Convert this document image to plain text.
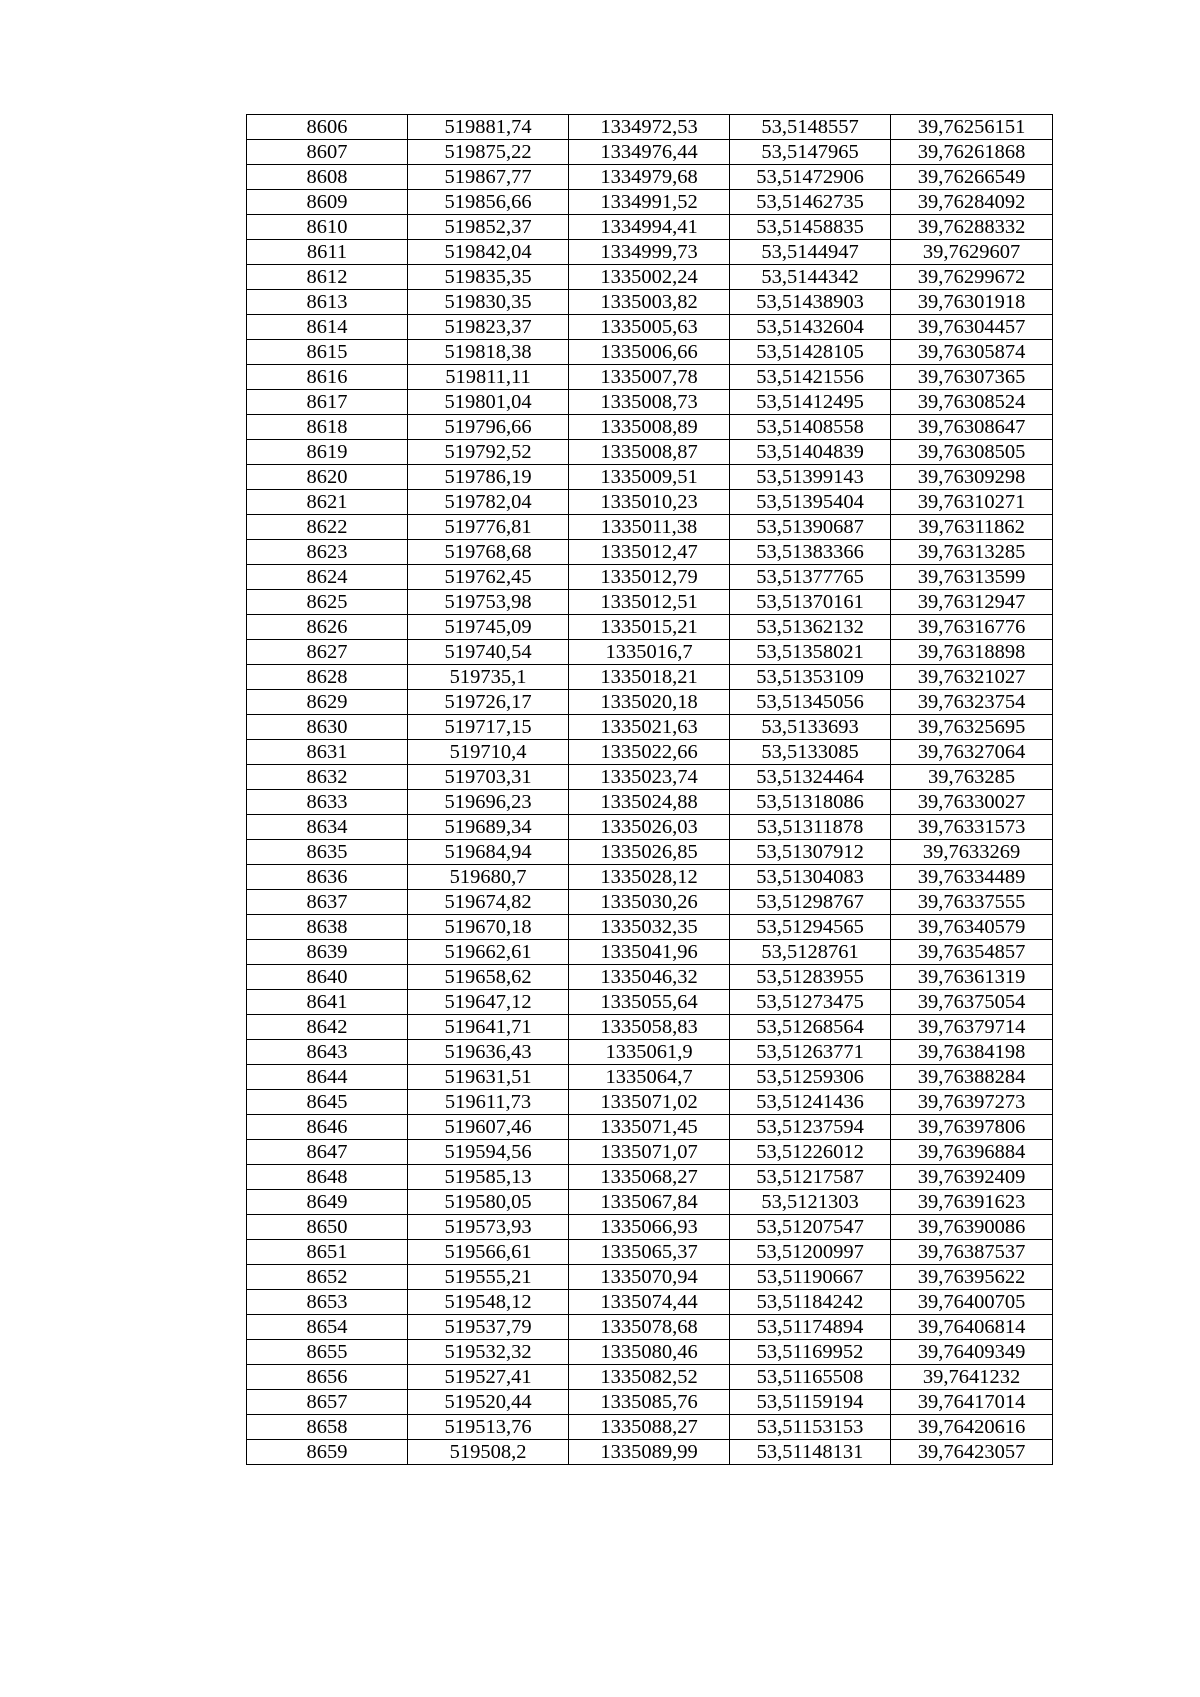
8606	519881,74	1334972,53	53,5148557	39,76256151
8607	519875,22	1334976,44	53,5147965	39,76261868
8608	519867,77	1334979,68	53,51472906	39,76266549
8609	519856,66	1334991,52	53,51462735	39,76284092
8610	519852,37	1334994,41	53,51458835	39,76288332
8611	519842,04	1334999,73	53,5144947	39,7629607
8612	519835,35	1335002,24	53,5144342	39,76299672
8613	519830,35	1335003,82	53,51438903	39,76301918
8614	519823,37	1335005,63	53,51432604	39,76304457
8615	519818,38	1335006,66	53,51428105	39,76305874
8616	519811,11	1335007,78	53,51421556	39,76307365
8617	519801,04	1335008,73	53,51412495	39,76308524
8618	519796,66	1335008,89	53,51408558	39,76308647
8619	519792,52	1335008,87	53,51404839	39,76308505
8620	519786,19	1335009,51	53,51399143	39,76309298
8621	519782,04	1335010,23	53,51395404	39,76310271
8622	519776,81	1335011,38	53,51390687	39,76311862
8623	519768,68	1335012,47	53,51383366	39,76313285
8624	519762,45	1335012,79	53,51377765	39,76313599
8625	519753,98	1335012,51	53,51370161	39,76312947
8626	519745,09	1335015,21	53,51362132	39,76316776
8627	519740,54	1335016,7	53,51358021	39,76318898
8628	519735,1	1335018,21	53,51353109	39,76321027
8629	519726,17	1335020,18	53,51345056	39,76323754
8630	519717,15	1335021,63	53,5133693	39,76325695
8631	519710,4	1335022,66	53,5133085	39,76327064
8632	519703,31	1335023,74	53,51324464	39,763285
8633	519696,23	1335024,88	53,51318086	39,76330027
8634	519689,34	1335026,03	53,51311878	39,76331573
8635	519684,94	1335026,85	53,51307912	39,7633269
8636	519680,7	1335028,12	53,51304083	39,76334489
8637	519674,82	1335030,26	53,51298767	39,76337555
8638	519670,18	1335032,35	53,51294565	39,76340579
8639	519662,61	1335041,96	53,5128761	39,76354857
8640	519658,62	1335046,32	53,51283955	39,76361319
8641	519647,12	1335055,64	53,51273475	39,76375054
8642	519641,71	1335058,83	53,51268564	39,76379714
8643	519636,43	1335061,9	53,51263771	39,76384198
8644	519631,51	1335064,7	53,51259306	39,76388284
8645	519611,73	1335071,02	53,51241436	39,76397273
8646	519607,46	1335071,45	53,51237594	39,76397806
8647	519594,56	1335071,07	53,51226012	39,76396884
8648	519585,13	1335068,27	53,51217587	39,76392409
8649	519580,05	1335067,84	53,5121303	39,76391623
8650	519573,93	1335066,93	53,51207547	39,76390086
8651	519566,61	1335065,37	53,51200997	39,76387537
8652	519555,21	1335070,94	53,51190667	39,76395622
8653	519548,12	1335074,44	53,51184242	39,76400705
8654	519537,79	1335078,68	53,51174894	39,76406814
8655	519532,32	1335080,46	53,51169952	39,76409349
8656	519527,41	1335082,52	53,51165508	39,7641232
8657	519520,44	1335085,76	53,51159194	39,76417014
8658	519513,76	1335088,27	53,51153153	39,76420616
8659	519508,2	1335089,99	53,51148131	39,76423057
